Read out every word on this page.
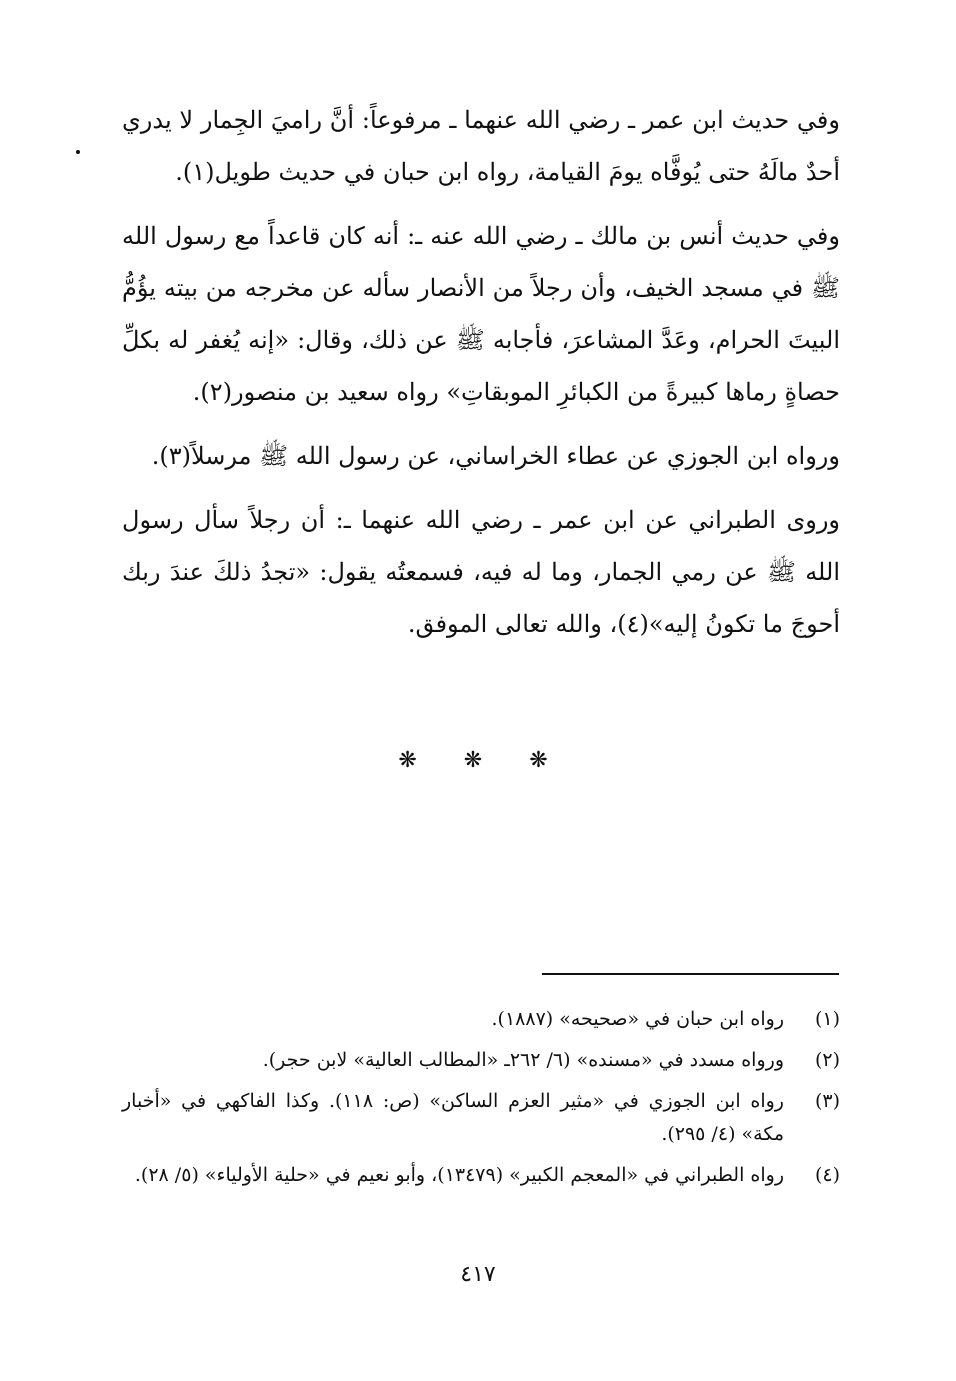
وفي حديث ابن عمر ـ رضي الله عنهما ـ مرفوعاً: أنَّ راميَ الجِمار لا يدري أحدٌ مالَهُ حتى يُوفَّاه يومَ القيامة، رواه ابن حبان في حديث طويل(١).

وفي حديث أنس بن مالك ـ رضي الله عنه ـ: أنه كان قاعداً مع رسول الله ﷺ في مسجد الخيف، وأن رجلاً من الأنصار سأله عن مخرجه من بيته يؤُمُّ البيتَ الحرام، وعَدَّ المشاعرَ، فأجابه ﷺ عن ذلك، وقال: «إنه يُغفر له بكلِّ حصاةٍ رماها كبيرةً من الكبائرِ الموبقاتِ» رواه سعيد بن منصور(٢).

ورواه ابن الجوزي عن عطاء الخراساني، عن رسول الله ﷺ مرسلاً(٣).

وروى الطبراني عن ابن عمر ـ رضي الله عنهما ـ: أن رجلاً سأل رسول الله ﷺ عن رمي الجمار، وما له فيه، فسمعتُه يقول: «تجدُ ذلكَ عندَ ربك أحوجَ ما تكونُ إليه»(٤)، والله تعالى الموفق.

❋ ❋ ❋
(١)
رواه ابن حبان في «صحيحه» (١٨٨٧).
(٢)
ورواه مسدد في «مسنده» (٦/ ٢٦٢ـ «المطالب العالية» لابن حجر).
(٣)
رواه ابن الجوزي في «مثير العزم الساكن» (ص: ١١٨). وكذا الفاكهي في «أخبار مكة» (٤/ ٢٩٥).
(٤)
رواه الطبراني في «المعجم الكبير» (١٣٤٧٩)، وأبو نعيم في «حلية الأولياء» (٥/ ٢٨).
٤١٧
